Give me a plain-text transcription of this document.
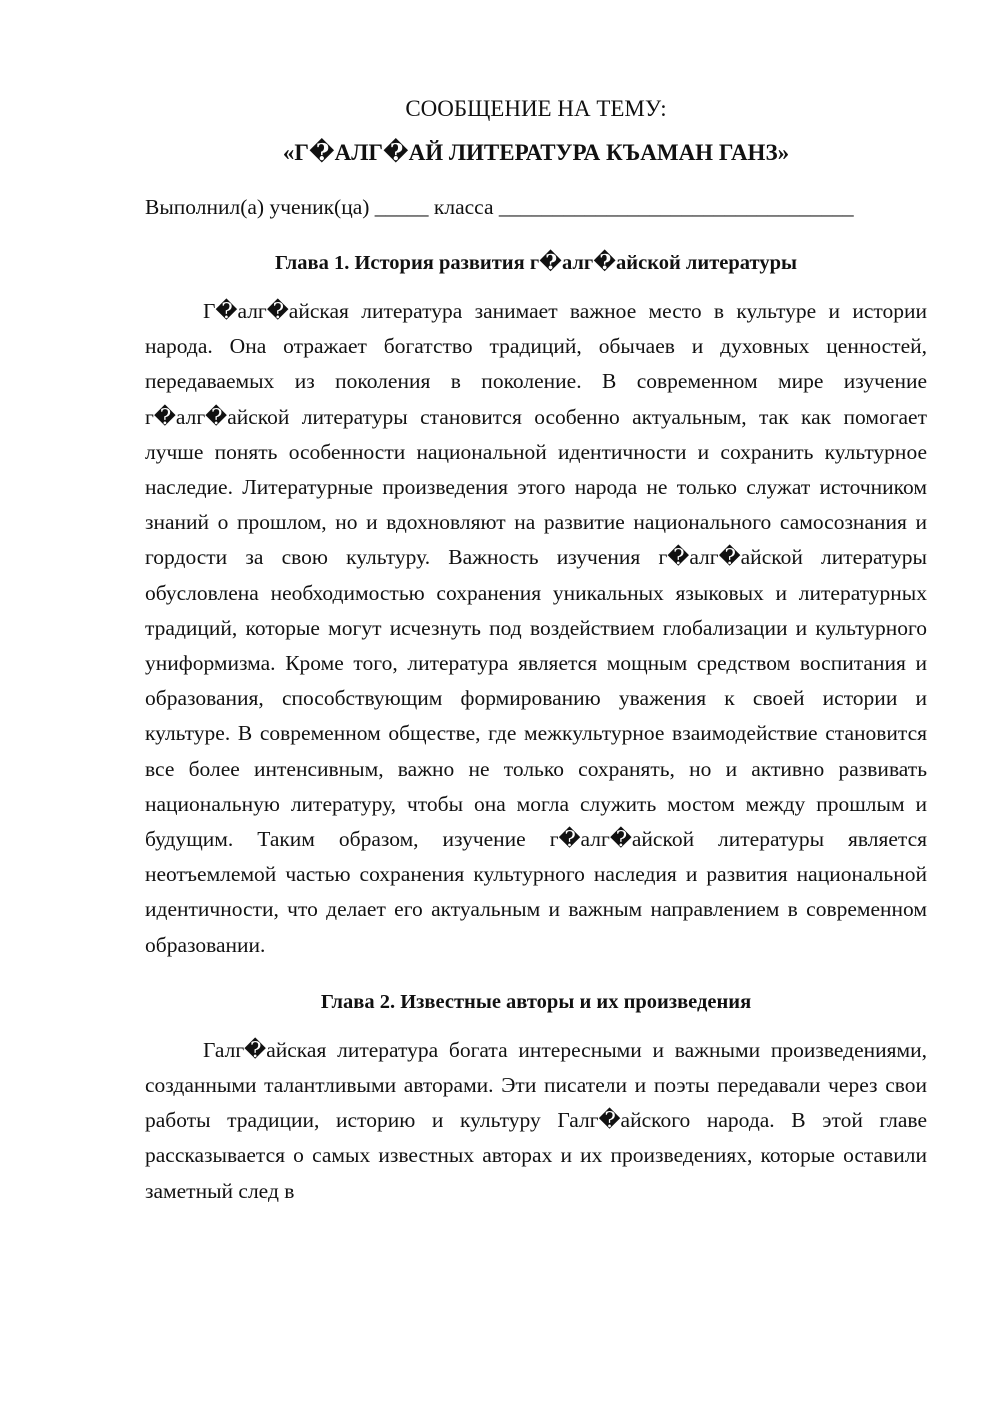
СООБЩЕНИЕ НА ТЕМУ:
«Г�АЛГ�АЙ ЛИТЕРАТУРА КЪАМАН ГАНЗ»

Выполнил(а) ученик(ца) _____ класса _________________________________

Глава 1. История развития г�алг�айской литературы

Г�алг�айская литература занимает важное место в культуре и истории народа. Она отражает богатство традиций, обычаев и духовных ценностей, передаваемых из поколения в поколение. В современном мире изучение г�алг�айской литературы становится особенно актуальным, так как помогает лучше понять особенности национальной идентичности и сохранить культурное наследие. Литературные произведения этого народа не только служат источником знаний о прошлом, но и вдохновляют на развитие национального самосознания и гордости за свою культуру. Важность изучения г�алг�айской литературы обусловлена необходимостью сохранения уникальных языковых и литературных традиций, которые могут исчезнуть под воздействием глобализации и культурного униформизма. Кроме того, литература является мощным средством воспитания и образования, способствующим формированию уважения к своей истории и культуре. В современном обществе, где межкультурное взаимодействие становится все более интенсивным, важно не только сохранять, но и активно развивать национальную литературу, чтобы она могла служить мостом между прошлым и будущим. Таким образом, изучение г�алг�айской литературы является неотъемлемой частью сохранения культурного наследия и развития национальной идентичности, что делает его актуальным и важным направлением в современном образовании.

Глава 2. Известные авторы и их произведения

Галг�айская литература богата интересными и важными произведениями, созданными талантливыми авторами. Эти писатели и поэты передавали через свои работы традиции, историю и культуру Галг�айского народа. В этой главе рассказывается о самых известных авторах и их произведениях, которые оставили заметный след в
